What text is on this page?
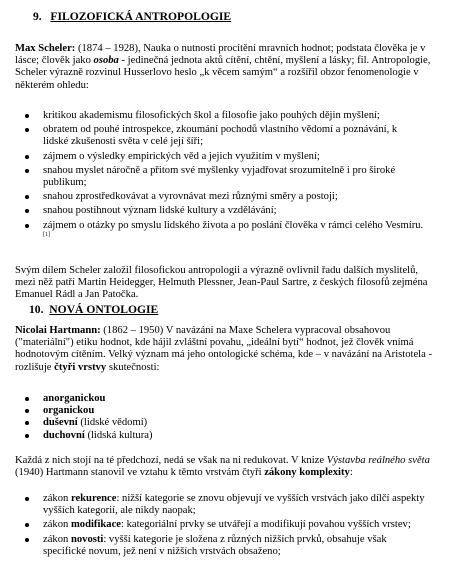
9. FILOZOFICKÁ ANTROPOLOGIE

Max Scheler: (1874 – 1928), Nauka o nutnosti procítění mravních hodnot; podstata člověka je v lásce; člověk jako osoba - jedinečná jednota aktů cítění, chtění, myšlení a lásky; fil. Antropologie, Scheler výrazně rozvinul Husserlovo heslo „k věcem samým“ a rozšířil obzor fenomenologie v některém ohledu:

kritikou akademismu filosofických škol a filosofie jako pouhých dějin myšlení;
obratem od pouhé introspekce, zkoumání pochodů vlastního vědomí a poznávání, k lidské zkušenosti světa v celé její šíři;
zájmem o výsledky empirických věd a jejich využitím v myšlení;
snahou myslet náročně a přitom své myšlenky vyjadřovat srozumitelně i pro široké publikum;
snahou zprostředkovávat a vyrovnávat mezi různými směry a postoji;
snahou postihnout význam lidské kultury a vzdělávání;
zájmem o otázky po smyslu lidského života a po poslání člověka v rámci celého Vesmíru.[1]

Svým dílem Scheler založil filosofickou antropologii a výrazně ovlivnil řadu dalších myslitelů, mezi něž patří Martin Heidegger, Helmuth Plessner, Jean-Paul Sartre, z českých filosofů zejména Emanuel Rádl a Jan Patočka.

10. NOVÁ ONTOLOGIE

Nicolai Hartmann: (1862 – 1950) V navázání na Maxe Schelera vypracoval obsahovou ("materiální") etiku hodnot, kde hájil zvláštní povahu, „ideální bytí“ hodnot, jež člověk vnímá hodnotovým cítěním. Velký význam má jeho ontologické schéma, kde – v navázání na Aristotela - rozlišuje čtyři vrstvy skutečnosti:

anorganickou
organickou
duševní (lidské vědomí)
duchovní (lidská kultura)

Každá z nich stojí na té předchozí, nedá se však na ni redukovat. V knize Výstavba reálného světa (1940) Hartmann stanovil ve vztahu k těmto vrstvám čtyři zákony komplexity:

zákon rekurence: nižší kategorie se znovu objevují ve vyšších vrstvách jako dílčí aspekty vyšších kategorií, ale nikdy naopak;
zákon modifikace: kategoriální prvky se utvářejí a modifikují povahou vyšších vrstev;
zákon novosti: vyšší kategorie je složena z různých nižších prvků, obsahuje však specifické novum, jež není v nižších vrstvách obsaženo;
